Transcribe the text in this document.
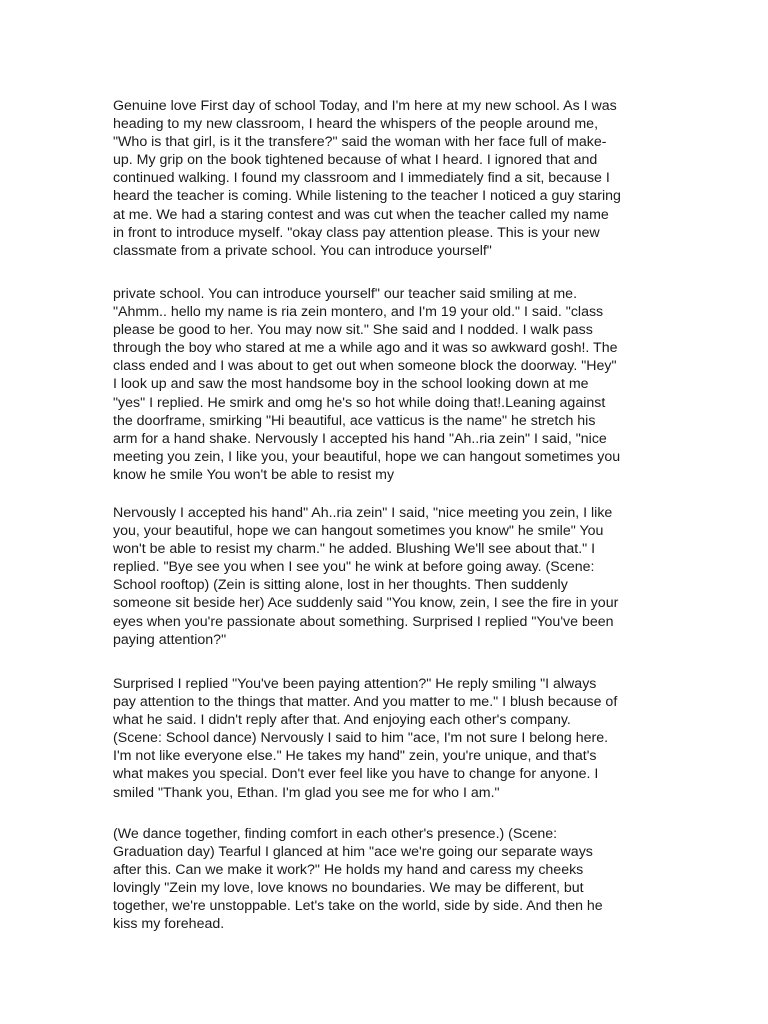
Genuine love First day of school Today, and I'm here at my new school. As I was
heading to my new classroom, I heard the whispers of the people around me,
"Who is that girl, is it the transfere?" said the woman with her face full of make-
up. My grip on the book tightened because of what I heard. I ignored that and
continued walking. I found my classroom and I immediately find a sit, because I
heard the teacher is coming. While listening to the teacher I noticed a guy staring
at me. We had a staring contest and was cut when the teacher called my name
in front to introduce myself. "okay class pay attention please. This is your new
classmate from a private school. You can introduce yourself"

private school. You can introduce yourself" our teacher said smiling at me.
"Ahmm.. hello my name is ria zein montero, and I'm 19 your old." I said. "class
please be good to her. You may now sit." She said and I nodded. I walk pass
through the boy who stared at me a while ago and it was so awkward gosh!. The
class ended and I was about to get out when someone block the doorway. "Hey"
I look up and saw the most handsome boy in the school looking down at me
"yes" I replied. He smirk and omg he's so hot while doing that!.Leaning against
the doorframe, smirking "Hi beautiful, ace vatticus is the name" he stretch his
arm for a hand shake. Nervously I accepted his hand "Ah..ria zein" I said, "nice
meeting you zein, I like you, your beautiful, hope we can hangout sometimes you
know he smile You won't be able to resist my

Nervously I accepted his hand" Ah..ria zein" I said, "nice meeting you zein, I like
you, your beautiful, hope we can hangout sometimes you know" he smile" You
won't be able to resist my charm." he added. Blushing We'll see about that." I
replied. "Bye see you when I see you" he wink at before going away. (Scene:
School rooftop) (Zein is sitting alone, lost in her thoughts. Then suddenly
someone sit beside her) Ace suddenly said "You know, zein, I see the fire in your
eyes when you're passionate about something. Surprised I replied "You've been
paying attention?"

Surprised I replied "You've been paying attention?" He reply smiling "I always
pay attention to the things that matter. And you matter to me." I blush because of
what he said. I didn't reply after that. And enjoying each other's company.
(Scene: School dance) Nervously I said to him "ace, I'm not sure I belong here.
I'm not like everyone else." He takes my hand" zein, you're unique, and that's
what makes you special. Don't ever feel like you have to change for anyone. I
smiled "Thank you, Ethan. I'm glad you see me for who I am."

(We dance together, finding comfort in each other's presence.) (Scene:
Graduation day) Tearful I glanced at him "ace we're going our separate ways
after this. Can we make it work?" He holds my hand and caress my cheeks
lovingly "Zein my love, love knows no boundaries. We may be different, but
together, we're unstoppable. Let's take on the world, side by side. And then he
kiss my forehead.
